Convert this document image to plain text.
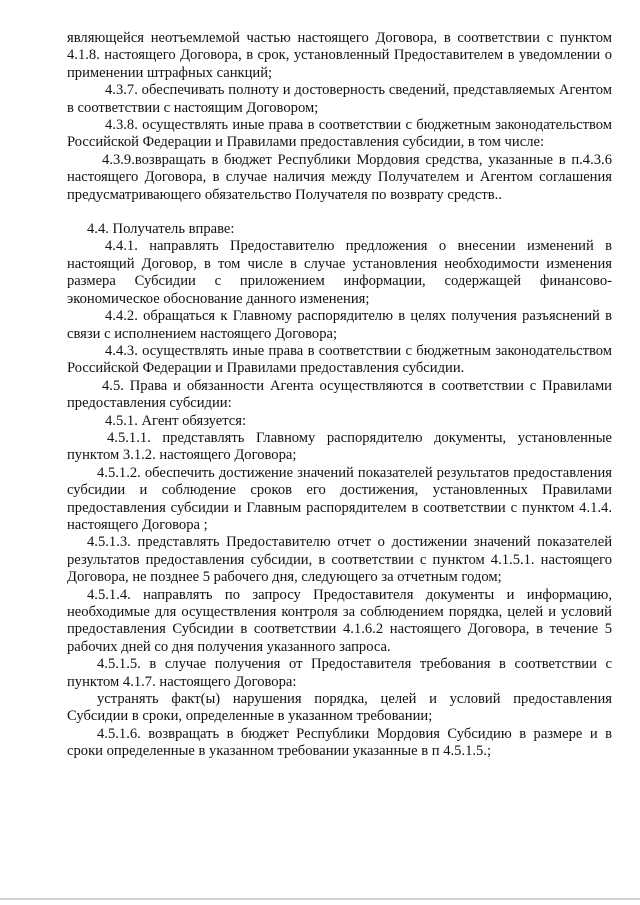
являющейся неотъемлемой частью настоящего Договора, в соответствии с пунктом 4.1.8. настоящего Договора, в срок, установленный Предоставителем в уведомлении о применении штрафных санкций;

4.3.7. обеспечивать полноту и достоверность сведений, представляемых Агентом в соответствии с настоящим Договором;

4.3.8. осуществлять иные права в соответствии с бюджетным законодательством Российской Федерации и Правилами предоставления субсидии, в том числе:

4.3.9.возвращать в бюджет Республики Мордовия средства, указанные в п.4.3.6 настоящего Договора, в случае наличия между Получателем и Агентом соглашения предусматривающего обязательство Получателя по возврату средств..

4.4. Получатель вправе:

4.4.1. направлять Предоставителю предложения о внесении изменений в настоящий Договор, в том числе в случае установления необходимости изменения размера Субсидии с приложением информации, содержащей финансово-экономическое обоснование данного изменения;

4.4.2. обращаться к Главному распорядителю в целях получения разъяснений в связи с исполнением настоящего Договора;

4.4.3. осуществлять иные права в соответствии с бюджетным законодательством Российской Федерации и Правилами предоставления субсидии.

4.5. Права и обязанности Агента осуществляются в соответствии с Правилами предоставления субсидии:

4.5.1. Агент обязуется:

4.5.1.1. представлять Главному распорядителю документы, установленные пунктом 3.1.2. настоящего Договора;

4.5.1.2. обеспечить достижение значений показателей результатов предоставления субсидии и соблюдение сроков его достижения, установленных Правилами предоставления субсидии и Главным распорядителем в соответствии с пунктом 4.1.4. настоящего Договора ;

4.5.1.3. представлять Предоставителю отчет о достижении значений показателей результатов предоставления субсидии, в соответствии с пунктом 4.1.5.1. настоящего Договора, не позднее 5 рабочего дня, следующего за отчетным годом;

4.5.1.4. направлять по запросу Предоставителя документы и информацию, необходимые для осуществления контроля за соблюдением порядка, целей и условий предоставления Субсидии в соответствии 4.1.6.2 настоящего Договора, в течение 5 рабочих дней со дня получения указанного запроса.

4.5.1.5. в случае получения от Предоставителя требования в соответствии с пунктом 4.1.7. настоящего Договора:

устранять факт(ы) нарушения порядка, целей и условий предоставления Субсидии в сроки, определенные в указанном требовании;

4.5.1.6. возвращать в бюджет Республики Мордовия Субсидию в размере и в сроки определенные в указанном требовании указанные в п 4.5.1.5.;
